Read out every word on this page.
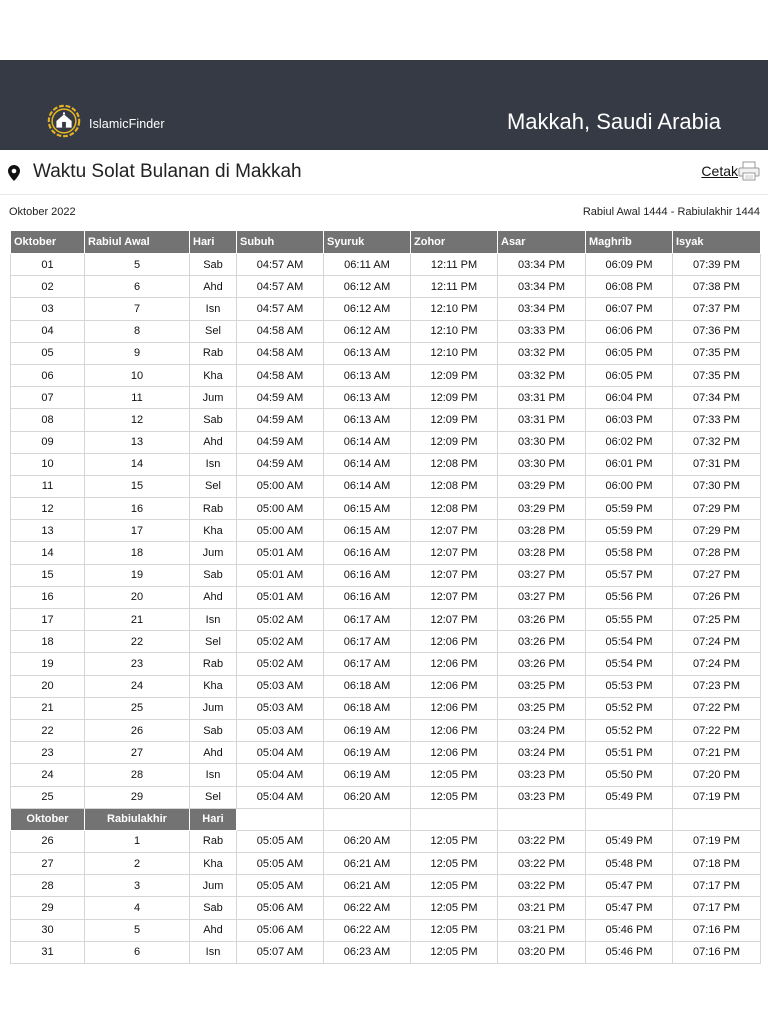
IslamicFinder	Makkah, Saudi Arabia
Waktu Solat Bulanan di Makkah	Cetak
Oktober 2022	Rabiul Awal 1444 - Rabiulakhir 1444
Oktober	Rabiul Awal	Hari	Subuh	Syuruk	Zohor	Asar	Maghrib	Isyak
01	5	Sab	04:57 AM	06:11 AM	12:11 PM	03:34 PM	06:09 PM	07:39 PM
02	6	Ahd	04:57 AM	06:12 AM	12:11 PM	03:34 PM	06:08 PM	07:38 PM
03	7	Isn	04:57 AM	06:12 AM	12:10 PM	03:34 PM	06:07 PM	07:37 PM
04	8	Sel	04:58 AM	06:12 AM	12:10 PM	03:33 PM	06:06 PM	07:36 PM
05	9	Rab	04:58 AM	06:13 AM	12:10 PM	03:32 PM	06:05 PM	07:35 PM
06	10	Kha	04:58 AM	06:13 AM	12:09 PM	03:32 PM	06:05 PM	07:35 PM
07	11	Jum	04:59 AM	06:13 AM	12:09 PM	03:31 PM	06:04 PM	07:34 PM
08	12	Sab	04:59 AM	06:13 AM	12:09 PM	03:31 PM	06:03 PM	07:33 PM
09	13	Ahd	04:59 AM	06:14 AM	12:09 PM	03:30 PM	06:02 PM	07:32 PM
10	14	Isn	04:59 AM	06:14 AM	12:08 PM	03:30 PM	06:01 PM	07:31 PM
11	15	Sel	05:00 AM	06:14 AM	12:08 PM	03:29 PM	06:00 PM	07:30 PM
12	16	Rab	05:00 AM	06:15 AM	12:08 PM	03:29 PM	05:59 PM	07:29 PM
13	17	Kha	05:00 AM	06:15 AM	12:07 PM	03:28 PM	05:59 PM	07:29 PM
14	18	Jum	05:01 AM	06:16 AM	12:07 PM	03:28 PM	05:58 PM	07:28 PM
15	19	Sab	05:01 AM	06:16 AM	12:07 PM	03:27 PM	05:57 PM	07:27 PM
16	20	Ahd	05:01 AM	06:16 AM	12:07 PM	03:27 PM	05:56 PM	07:26 PM
17	21	Isn	05:02 AM	06:17 AM	12:07 PM	03:26 PM	05:55 PM	07:25 PM
18	22	Sel	05:02 AM	06:17 AM	12:06 PM	03:26 PM	05:54 PM	07:24 PM
19	23	Rab	05:02 AM	06:17 AM	12:06 PM	03:26 PM	05:54 PM	07:24 PM
20	24	Kha	05:03 AM	06:18 AM	12:06 PM	03:25 PM	05:53 PM	07:23 PM
21	25	Jum	05:03 AM	06:18 AM	12:06 PM	03:25 PM	05:52 PM	07:22 PM
22	26	Sab	05:03 AM	06:19 AM	12:06 PM	03:24 PM	05:52 PM	07:22 PM
23	27	Ahd	05:04 AM	06:19 AM	12:06 PM	03:24 PM	05:51 PM	07:21 PM
24	28	Isn	05:04 AM	06:19 AM	12:05 PM	03:23 PM	05:50 PM	07:20 PM
25	29	Sel	05:04 AM	06:20 AM	12:05 PM	03:23 PM	05:49 PM	07:19 PM
Oktober	Rabiulakhir	Hari						
26	1	Rab	05:05 AM	06:20 AM	12:05 PM	03:22 PM	05:49 PM	07:19 PM
27	2	Kha	05:05 AM	06:21 AM	12:05 PM	03:22 PM	05:48 PM	07:18 PM
28	3	Jum	05:05 AM	06:21 AM	12:05 PM	03:22 PM	05:47 PM	07:17 PM
29	4	Sab	05:06 AM	06:22 AM	12:05 PM	03:21 PM	05:47 PM	07:17 PM
30	5	Ahd	05:06 AM	06:22 AM	12:05 PM	03:21 PM	05:46 PM	07:16 PM
31	6	Isn	05:07 AM	06:23 AM	12:05 PM	03:20 PM	05:46 PM	07:16 PM
